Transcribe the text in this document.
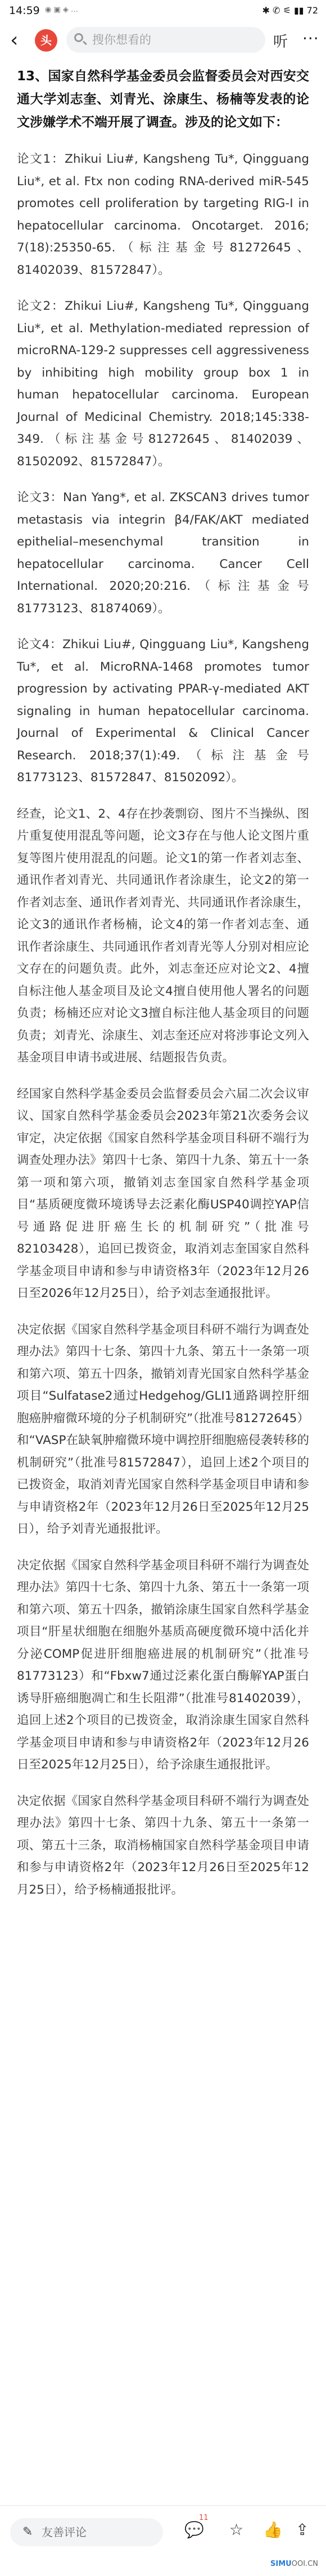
14:59 ◉ ▣ ◈ …	✱ ✆ ⚟ ▮▮ 72
‹	头	搜你想看的	听 ···

13、国家自然科学基金委员会监督委员会对西安交通大学刘志奎、刘青光、涂康生、杨楠等发表的论文涉嫌学术不端开展了调查。涉及的论文如下：

论文1：Zhikui Liu#, Kangsheng Tu*, Qingguang Liu*, et al. Ftx non coding RNA-derived miR-545 promotes cell proliferation by targeting RIG-I in hepatocellular carcinoma. Oncotarget. 2016; 7(18):25350-65.（标注基金号81272645、81402039、81572847）。

论文2：Zhikui Liu#, Kangsheng Tu*, Qingguang Liu*, et al. Methylation-mediated repression of microRNA-129-2 suppresses cell aggressiveness by inhibiting high mobility group box 1 in human hepatocellular carcinoma. European Journal of Medicinal Chemistry. 2018;145:338-349.（标注基金号81272645、81402039、81502092、81572847）。

论文3：Nan Yang*, et al. ZKSCAN3 drives tumor metastasis via integrin β4/FAK/AKT mediated epithelial–mesenchymal transition in hepatocellular carcinoma. Cancer Cell International. 2020;20:216.（标注基金号81773123、81874069）。

论文4：Zhikui Liu#, Qingguang Liu*, Kangsheng Tu*, et al. MicroRNA-1468 promotes tumor progression by activating PPAR-γ-mediated AKT signaling in human hepatocellular carcinoma. Journal of Experimental & Clinical Cancer Research. 2018;37(1):49.（标注基金号81773123、81572847、81502092）。

经查，论文1、2、4存在抄袭剽窃、图片不当操纵、图片重复使用混乱等问题，论文3存在与他人论文图片重复等图片使用混乱的问题。论文1的第一作者刘志奎、通讯作者刘青光、共同通讯作者涂康生，论文2的第一作者刘志奎、通讯作者刘青光、共同通讯作者涂康生，论文3的通讯作者杨楠，论文4的第一作者刘志奎、通讯作者涂康生、共同通讯作者刘青光等人分别对相应论文存在的问题负责。此外，刘志奎还应对论文2、4擅自标注他人基金项目及论文4擅自使用他人署名的问题负责；杨楠还应对论文3擅自标注他人基金项目的问题负责；刘青光、涂康生、刘志奎还应对将涉事论文列入基金项目申请书或进展、结题报告负责。

经国家自然科学基金委员会监督委员会六届二次会议审议、国家自然科学基金委员会2023年第21次委务会议审定，决定依据《国家自然科学基金项目科研不端行为调查处理办法》第四十七条、第四十九条、第五十一条第一项和第六项，撤销刘志奎国家自然科学基金项目“基质硬度微环境诱导去泛素化酶USP40调控YAP信号通路促进肝癌生长的机制研究”（批准号82103428），追回已拨资金，取消刘志奎国家自然科学基金项目申请和参与申请资格3年（2023年12月26日至2026年12月25日），给予刘志奎通报批评。

决定依据《国家自然科学基金项目科研不端行为调查处理办法》第四十七条、第四十九条、第五十一条第一项和第六项、第五十四条，撤销刘青光国家自然科学基金项目“Sulfatase2通过Hedgehog/GLI1通路调控肝细胞癌肿瘤微环境的分子机制研究”（批准号81272645）和“VASP在缺氧肿瘤微环境中调控肝细胞癌侵袭转移的机制研究”（批准号81572847），追回上述2个项目的已拨资金，取消刘青光国家自然科学基金项目申请和参与申请资格2年（2023年12月26日至2025年12月25日），给予刘青光通报批评。

决定依据《国家自然科学基金项目科研不端行为调查处理办法》第四十七条、第四十九条、第五十一条第一项和第六项、第五十四条，撤销涂康生国家自然科学基金项目“肝星状细胞在细胞外基质高硬度微环境中活化并分泌COMP促进肝细胞癌进展的机制研究”（批准号81773123）和“Fbxw7通过泛素化蛋白酶解YAP蛋白诱导肝癌细胞凋亡和生长阻滞”（批准号81402039），追回上述2个项目的已拨资金，取消涂康生国家自然科学基金项目申请和参与申请资格2年（2023年12月26日至2025年12月25日），给予涂康生通报批评。

决定依据《国家自然科学基金项目科研不端行为调查处理办法》第四十七条、第四十九条、第五十一条第一项、第五十三条，取消杨楠国家自然科学基金项目申请和参与申请资格2年（2023年12月26日至2025年12月25日），给予杨楠通报批评。

✎ 友善评论	💬
11
☆ 👍 ⇪
SIMUOOI.CN
